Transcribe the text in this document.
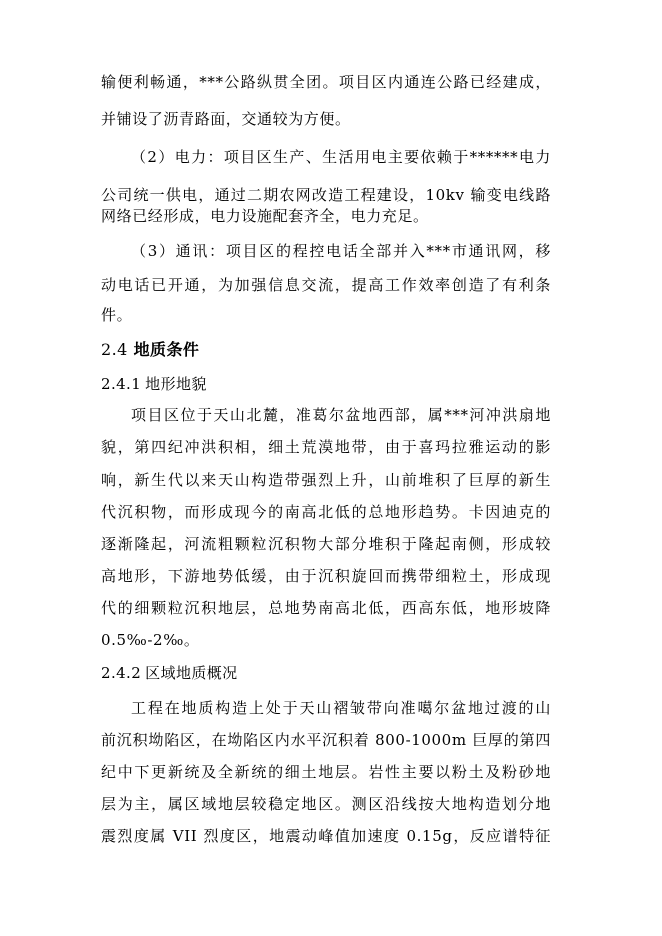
输便利畅通，***公路纵贯全团。项目区内通连公路已经建成，
并铺设了沥青路面，交通较为方便。
（2）电力：项目区生产、生活用电主要依赖于******电力
公司统一供电，通过二期农网改造工程建设，10kv 输变电线路
网络已经形成，电力设施配套齐全，电力充足。
（3）通讯：项目区的程控电话全部并入***市通讯网，移
动电话已开通，为加强信息交流，提高工作效率创造了有利条
件。
2.4 地质条件
2.4.1 地形地貌
项目区位于天山北麓，准葛尔盆地西部，属***河冲洪扇地
貌，第四纪冲洪积相，细土荒漠地带，由于喜玛拉雅运动的影
响，新生代以来天山构造带强烈上升，山前堆积了巨厚的新生
代沉积物，而形成现今的南高北低的总地形趋势。卡因迪克的
逐渐隆起，河流粗颗粒沉积物大部分堆积于隆起南侧，形成较
高地形，下游地势低缓，由于沉积旋回而携带细粒土，形成现
代的细颗粒沉积地层，总地势南高北低，西高东低，地形坡降
0.5‰-2‰。
2.4.2 区域地质概况
工程在地质构造上处于天山褶皱带向准噶尔盆地过渡的山
前沉积坳陷区，在坳陷区内水平沉积着 800-1000m 巨厚的第四
纪中下更新统及全新统的细土地层。岩性主要以粉土及粉砂地
层为主，属区域地层较稳定地区。测区沿线按大地构造划分地
震烈度属 VII 烈度区，地震动峰值加速度 0.15g，反应谱特征
